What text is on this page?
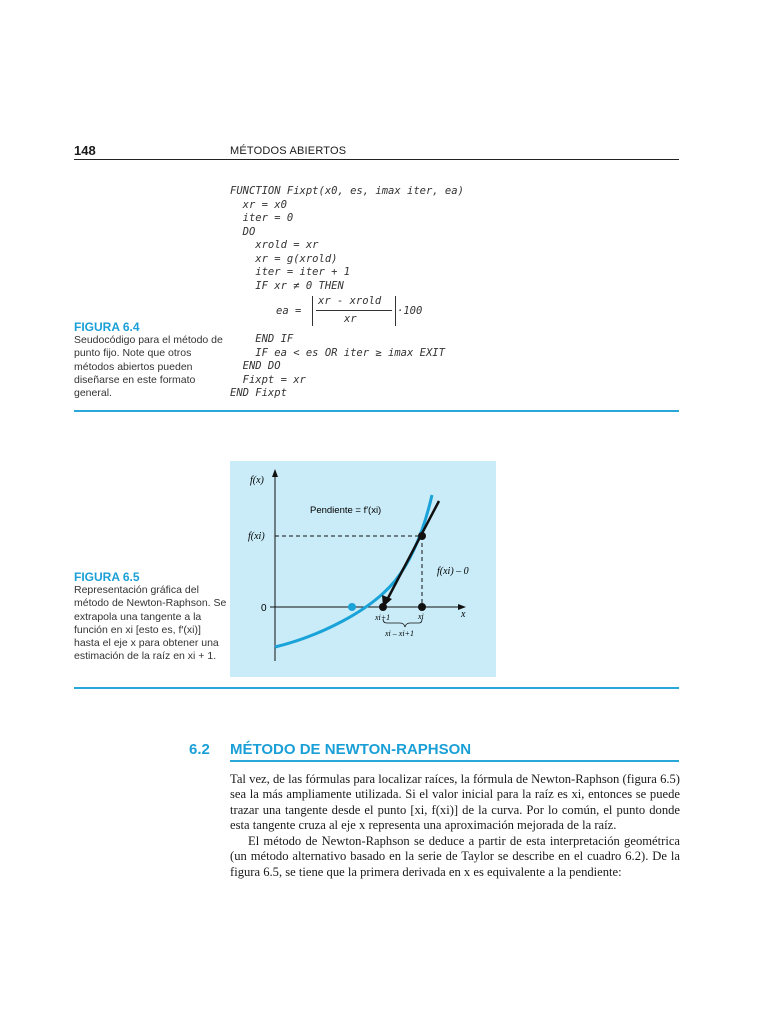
148	MÉTODOS ABIERTOS
FUNCTION Fixpt(x0, es, imax iter, ea)
xr = x0
iter = 0
DO
xrold = xr
xr = g(xrold)
iter = iter + 1
IF xr ≠ 0 THEN
ea =
xr - xrold
xr
·100
END IF
IF ea < es OR iter ≥ imax EXIT
END DO
Fixpt = xr
END Fixpt
FIGURA 6.4
Seudocódigo para el método de punto fijo. Note que otros métodos abiertos pueden diseñarse en este formato general.
FIGURA 6.5
Representación gráfica del método de Newton-Raphson. Se extrapola una tangente a la función en xi [esto es, f′(xi)] hasta el eje x para obtener una estimación de la raíz en xi + 1.
f(x)
Pendiente = f′(xi)
f(xi)
f(xi) – 0
0
x
xi+1	xi
xi – xi+1
6.2 MÉTODO DE NEWTON-RAPHSON
Tal vez, de las fórmulas para localizar raíces, la fórmula de Newton-Raphson (figura 6.5) sea la más ampliamente utilizada. Si el valor inicial para la raíz es xi, entonces se puede trazar una tangente desde el punto [xi, f(xi)] de la curva. Por lo común, el punto donde esta tangente cruza al eje x representa una aproximación mejorada de la raíz.
El método de Newton-Raphson se deduce a partir de esta interpretación geométrica (un método alternativo basado en la serie de Taylor se describe en el cuadro 6.2). De la figura 6.5, se tiene que la primera derivada en x es equivalente a la pendiente:
